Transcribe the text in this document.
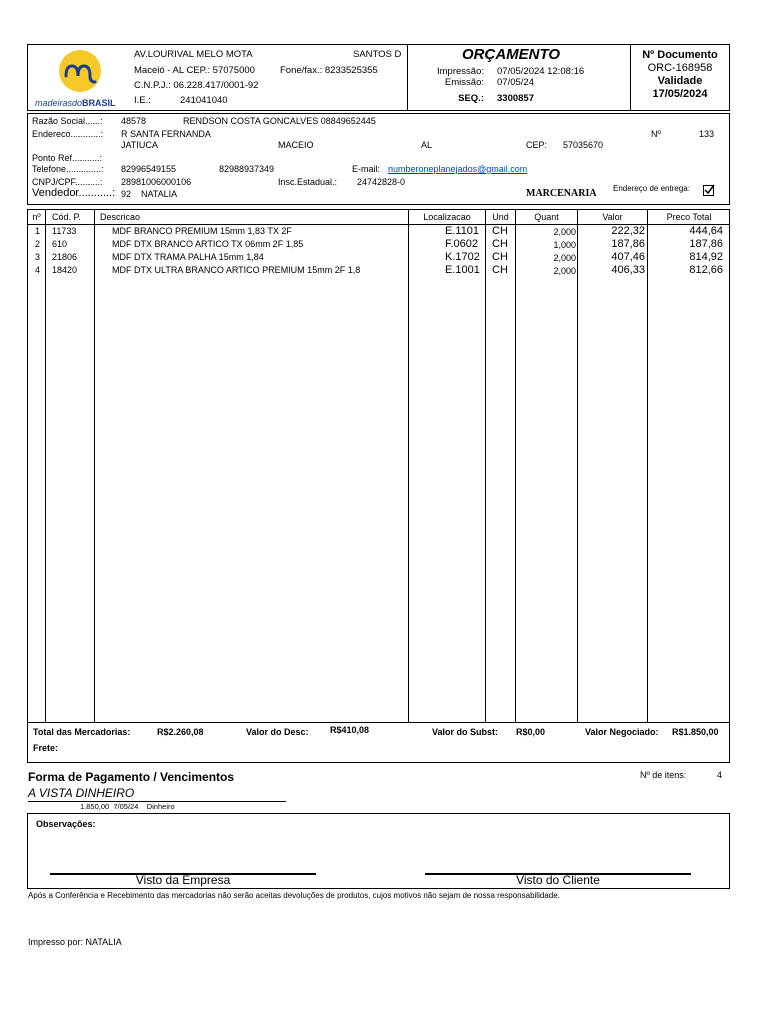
madeirasdoBRASIL
AV.LOURIVAL MELO MOTA	SANTOS D
Maceió - AL CEP.: 57075000	Fone/fax.: 8233525355
C.N.P.J.: 06.228.417/0001-92
I.E.:	241041040
ORÇAMENTO
Impressão: 07/05/2024 12:08:16
Emissão: 07/05/24
SEQ.: 3300857
Nº Documento
ORC-168958
Validade
17/05/2024
Razão Social......: 48578	RENDSON COSTA GONCALVES 08849652445
Endereco............: R SANTA FERNANDA	Nº	133
JATIUCA	MACEIO	AL	CEP: 57035670
Ponto Ref...........:
Telefone..............: 82996549155	82988937349	E-mail: numberoneplanejados@gmail.com
CNPJ/CPF..........: 28981006000106	Insc.Estadual.: 24742828-0
Vendedor...........: 92    NATALIA	MARCENARIA Endereço de entrega:
nº	Cód. P. Descricao	Localizacao	Und	Quant	Valor	Preco Total
1 11733	MDF BRANCO PREMIUM 15mm 1,83 TX 2F	E.1101 CH	2,000	222,32	444,64
2 610	MDF DTX BRANCO ARTICO TX 06mm 2F 1,85	F.0602 CH	1,000	187,86	187,86
3 21806	MDF DTX TRAMA PALHA 15mm 1,84	K.1702 CH	2,000	407,46	814,92
4 18420	MDF DTX ULTRA BRANCO ARTICO PREMIUM 15mm 2F 1,8	E.1001 CH	2,000	406,33	812,66
Total das Mercadorias:	R$2.260,08	Valor do Desc: R$410,08	Valor do Subst: R$0,00	Valor Negociado: R$1.850,00
Frete:
Forma de Pagamento / Vencimentos	Nº de itens:	4
A VISTA DINHEIRO
1.850,00  7/05/24    Dinheiro
Observações:
Visto da Empresa	Visto do Cliente
Após a Conferência e Recebimento das mercadorias não serão aceitas devoluções de produtos, cujos motivos não sejam de nossa responsabilidade.
Impresso por: NATALIA
